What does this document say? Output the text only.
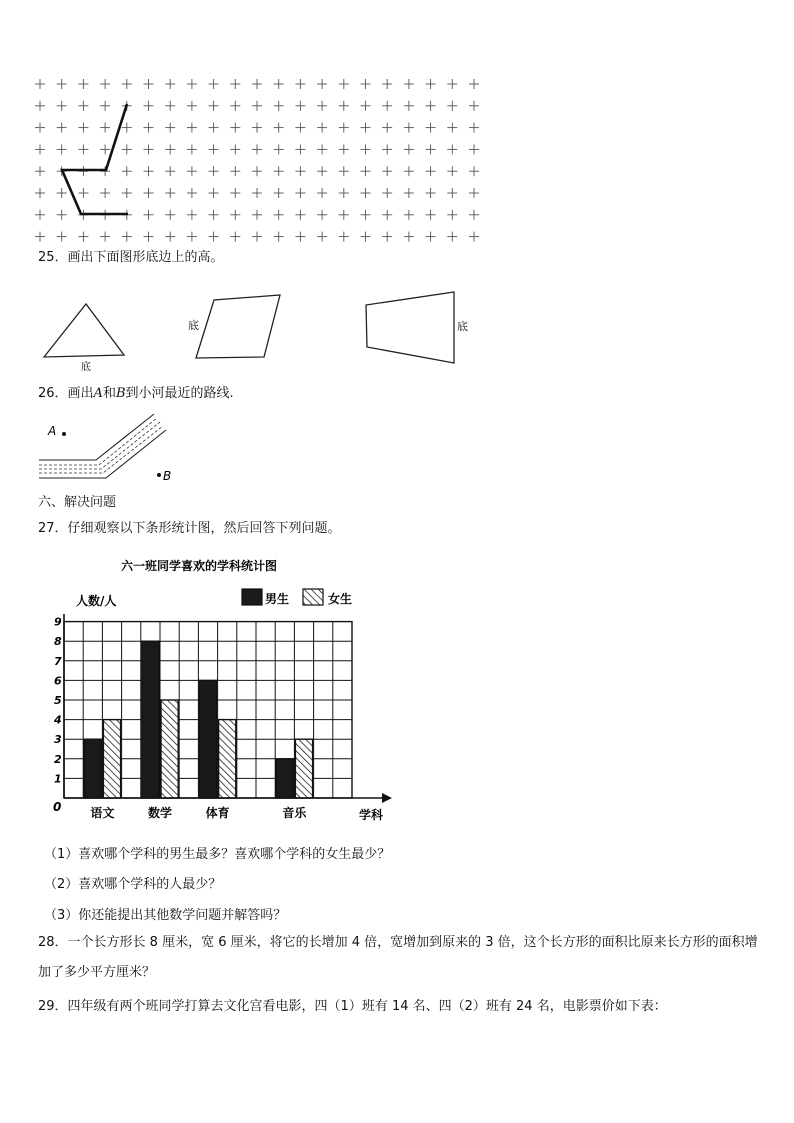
25．画出下面图形底边上的高。
底
底	底
26．画出A和B到小河最近的路线.
A
B
六、解决问题
27．仔细观察以下条形统计图，然后回答下列问题。
六一班同学喜欢的学科统计图
人数/人	男生	女生
1
2
3
4
5
6
7
8
9
语文	数学	体育	音乐
0
学科
（1）喜欢哪个学科的男生最多？喜欢哪个学科的女生最少？
（2）喜欢哪个学科的人最少？
（3）你还能提出其他数学问题并解答吗？
28．一个长方形长 8 厘米，宽 6 厘米，将它的长增加 4 倍，宽增加到原来的 3 倍，这个长方形的面积比原来长方形的面积增加了多少平方厘米？
29．四年级有两个班同学打算去文化宫看电影，四（1）班有 14 名、四（2）班有 24 名，电影票价如下表：
